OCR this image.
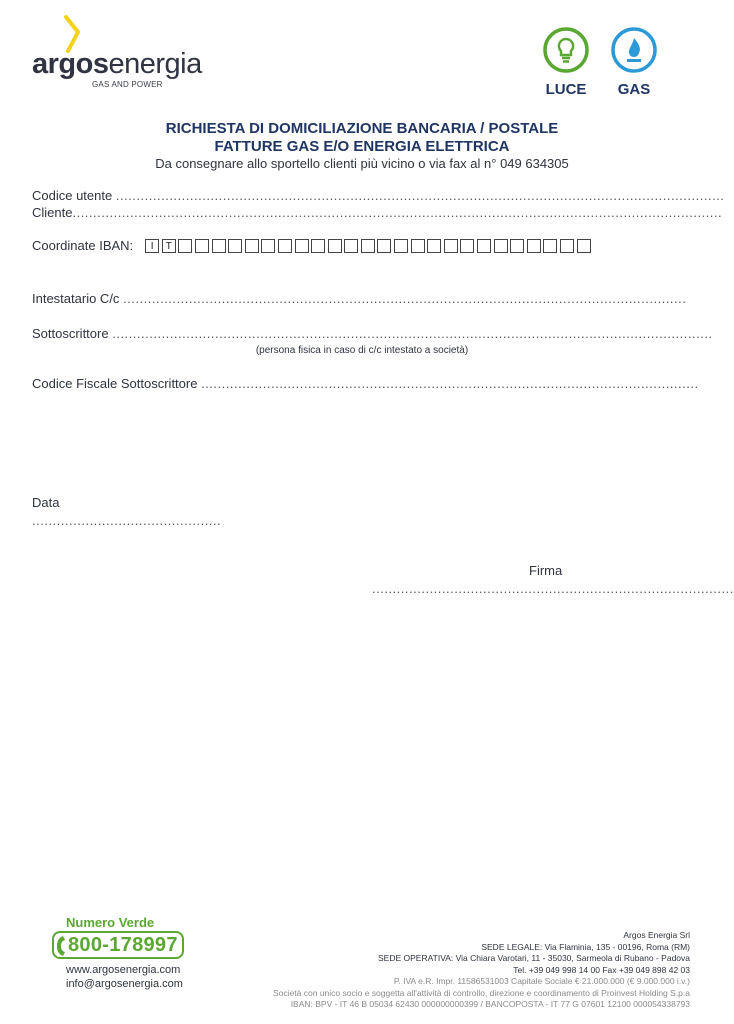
argosenergia
GAS AND POWER	LUCE	GAS
RICHIESTA DI DOMICILIAZIONE BANCARIA / POSTALE
FATTURE GAS E/O ENERGIA ELETTRICA
Da consegnare allo sportello clienti più vicino o via fax al n° 049 634305
Codice utente ....................................................................................................................................................
Cliente..............................................................................................................................................................
Coordinate IBAN:	I	T
Intestatario C/c .........................................................................................................................................
Sottoscrittore ..................................................................................................................................................
(persona fisica in caso di c/c intestato a società)
Codice Fiscale Sottoscrittore .........................................................................................................................
Data
..............................................
Firma
........................................................................................
Numero Verde
800-178997
www.argosenergia.com
info@argosenergia.com
Argos Energia Srl
SEDE LEGALE: Via Flaminia, 135 - 00196, Roma (RM)
SEDE OPERATIVA: Via Chiara Varotari, 11 - 35030, Sarmeola di Rubano - Padova
Tel. +39 049 998 14 00 Fax +39 049 898 42 03
P. IVA e.R. Impr. 11586531003 Capitale Sociale € 21.000.000 (€ 9.000.000 i.v.)
Società con unico socio e soggetta all'attività di controllo, direzione e coordinamento di Proinvest Holding S.p.a
IBAN: BPV - IT 46 B 05034 62430 000000000399 / BANCOPOSTA - IT 77 G 07601 12100 000054338793
